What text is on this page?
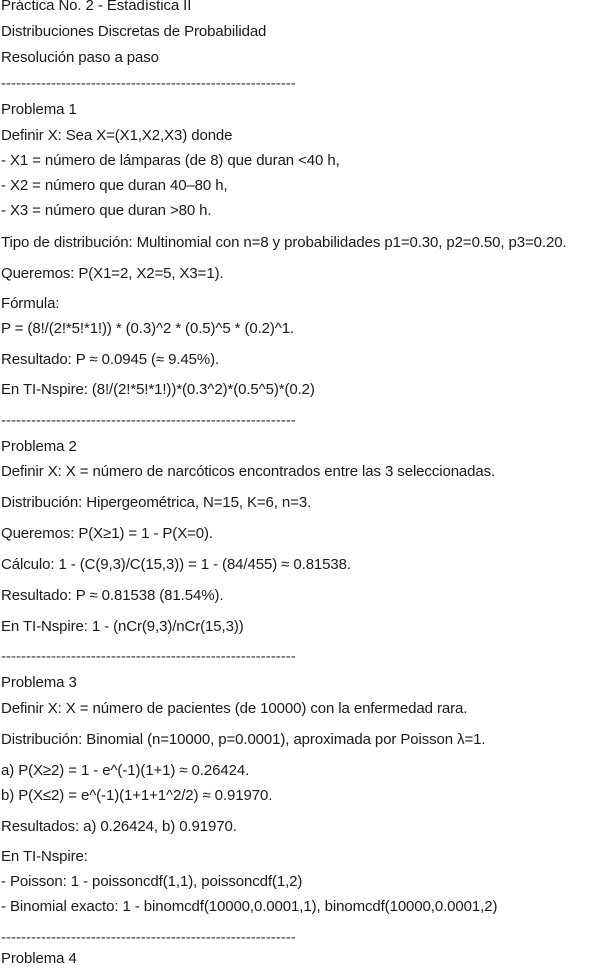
Práctica No. 2 - Estadística II

Distribuciones Discretas de Probabilidad

Resolución paso a paso

-----------------------------------------------------------

Problema 1

Definir X: Sea X=(X1,X2,X3) donde

- X1 = número de lámparas (de 8) que duran <40 h,

- X2 = número que duran 40–80 h,

- X3 = número que duran >80 h.

Tipo de distribución: Multinomial con n=8 y probabilidades p1=0.30, p2=0.50, p3=0.20.

Queremos: P(X1=2, X2=5, X3=1).

Fórmula:

P = (8!/(2!*5!*1!)) * (0.3)^2 * (0.5)^5 * (0.2)^1.

Resultado: P ≈ 0.0945 (≈ 9.45%).

En TI-Nspire: (8!/(2!*5!*1!))*(0.3^2)*(0.5^5)*(0.2)

-----------------------------------------------------------

Problema 2

Definir X: X = número de narcóticos encontrados entre las 3 seleccionadas.

Distribución: Hipergeométrica, N=15, K=6, n=3.

Queremos: P(X≥1) = 1 - P(X=0).

Cálculo: 1 - (C(9,3)/C(15,3)) = 1 - (84/455) ≈ 0.81538.

Resultado: P ≈ 0.81538 (81.54%).

En TI-Nspire: 1 - (nCr(9,3)/nCr(15,3))

-----------------------------------------------------------

Problema 3

Definir X: X = número de pacientes (de 10000) con la enfermedad rara.

Distribución: Binomial (n=10000, p=0.0001), aproximada por Poisson λ=1.

a) P(X≥2) = 1 - e^(-1)(1+1) ≈ 0.26424.

b) P(X≤2) = e^(-1)(1+1+1^2/2) ≈ 0.91970.

Resultados: a) 0.26424, b) 0.91970.

En TI-Nspire:

- Poisson: 1 - poissoncdf(1,1), poissoncdf(1,2)

- Binomial exacto: 1 - binomcdf(10000,0.0001,1), binomcdf(10000,0.0001,2)

-----------------------------------------------------------

Problema 4
